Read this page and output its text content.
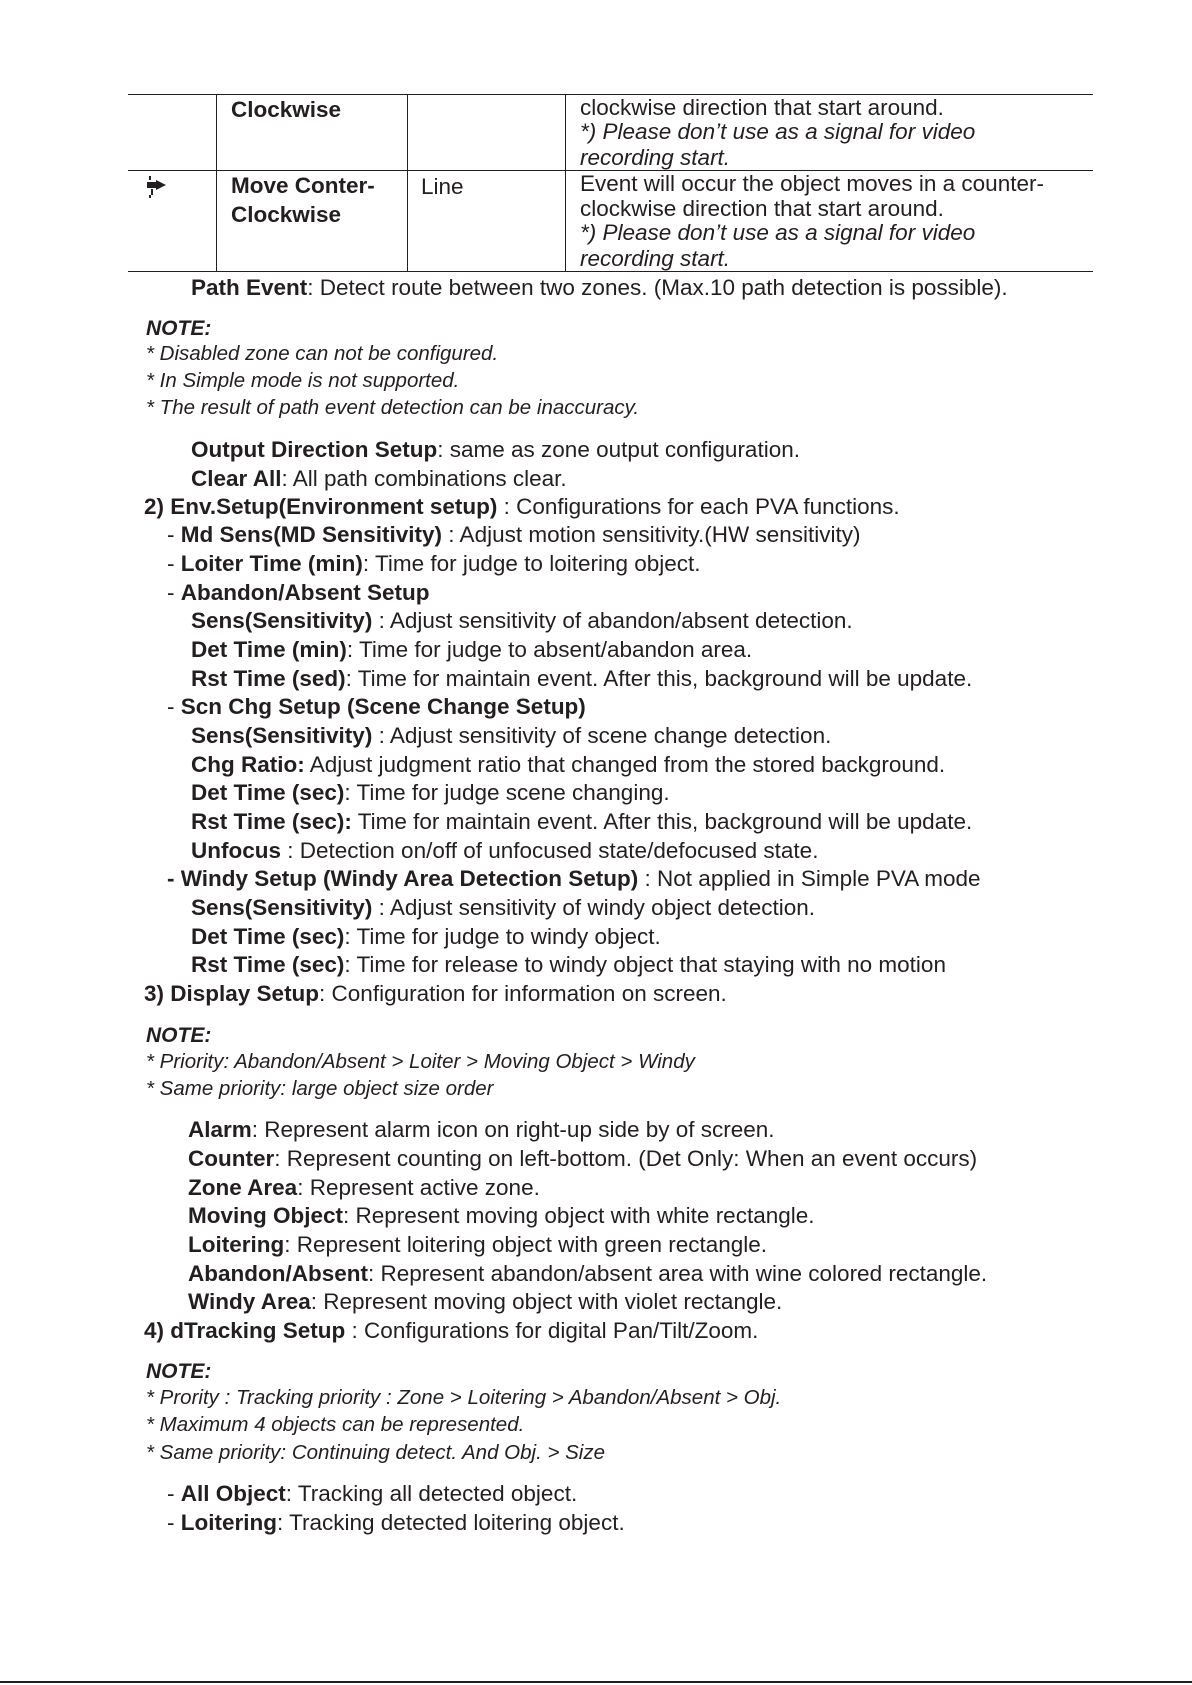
Clockwise	clockwise direction that start around.
*) Please don’t use as a signal for video
recording start.
Move Conter-
Clockwise
Line	Event will occur the object moves in a counter-
clockwise direction that start around.
*) Please don’t use as a signal for video
recording start.
Path Event: Detect route between two zones. (Max.10 path detection is possible).
NOTE:
* Disabled zone can not be configured.
* In Simple mode is not supported.
* The result of path event detection can be inaccuracy.
Output Direction Setup: same as zone output configuration.
Clear All: All path combinations clear.
2) Env.Setup(Environment setup) : Configurations for each PVA functions.
- Md Sens(MD Sensitivity) : Adjust motion sensitivity.(HW sensitivity)
- Loiter Time (min): Time for judge to loitering object.
- Abandon/Absent Setup
Sens(Sensitivity) : Adjust sensitivity of abandon/absent detection.
Det Time (min): Time for judge to absent/abandon area.
Rst Time (sed): Time for maintain event. After this, background will be update.
- Scn Chg Setup (Scene Change Setup)
Sens(Sensitivity) : Adjust sensitivity of scene change detection.
Chg Ratio: Adjust judgment ratio that changed from the stored background.
Det Time (sec): Time for judge scene changing.
Rst Time (sec): Time for maintain event. After this, background will be update.
Unfocus : Detection on/off of unfocused state/defocused state.
- Windy Setup (Windy Area Detection Setup) : Not applied in Simple PVA mode
Sens(Sensitivity) : Adjust sensitivity of windy object detection.
Det Time (sec): Time for judge to windy object.
Rst Time (sec): Time for release to windy object that staying with no motion
3) Display Setup: Configuration for information on screen.
NOTE:
* Priority: Abandon/Absent > Loiter > Moving Object > Windy
* Same priority: large object size order
Alarm: Represent alarm icon on right-up side by of screen.
Counter: Represent counting on left-bottom. (Det Only: When an event occurs)
Zone Area: Represent active zone.
Moving Object: Represent moving object with white rectangle.
Loitering: Represent loitering object with green rectangle.
Abandon/Absent: Represent abandon/absent area with wine colored rectangle.
Windy Area: Represent moving object with violet rectangle.
4) dTracking Setup : Configurations for digital Pan/Tilt/Zoom.
NOTE:
* Prority : Tracking priority : Zone > Loitering > Abandon/Absent > Obj.
* Maximum 4 objects can be represented.
* Same priority: Continuing detect. And Obj. > Size
- All Object: Tracking all detected object.
- Loitering: Tracking detected loitering object.
